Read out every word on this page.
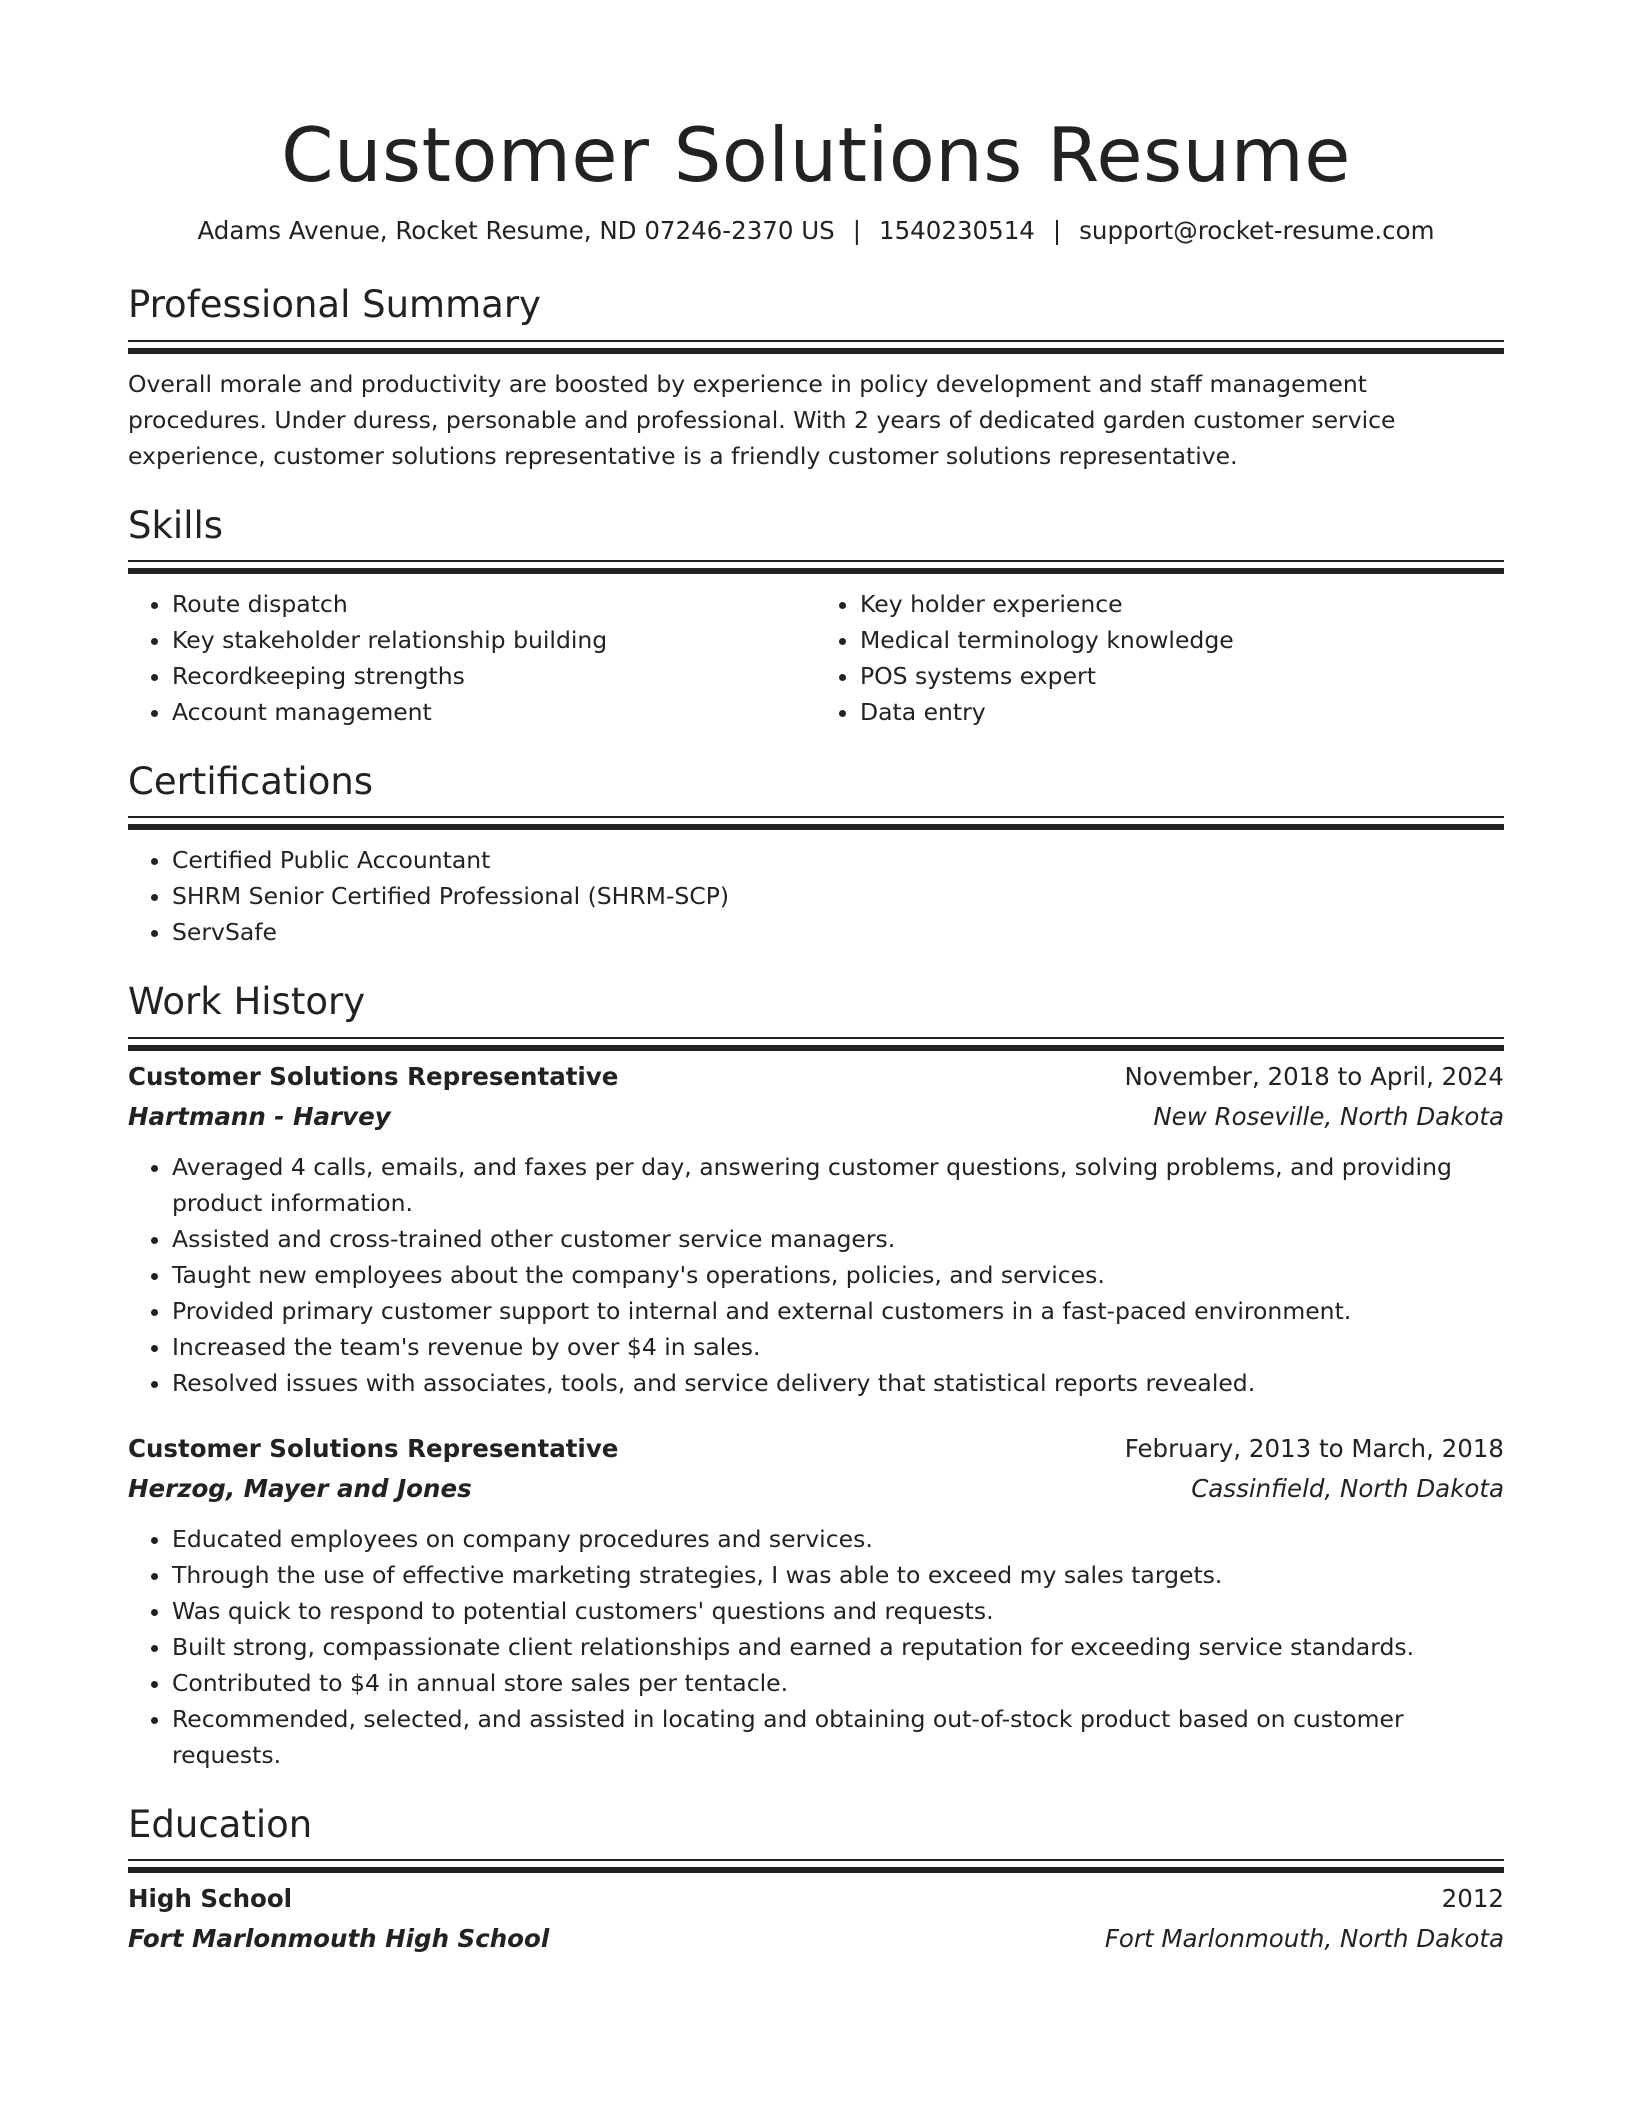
Customer Solutions Resume
Adams Avenue, Rocket Resume, ND 07246-2370 US | 1540230514 | support@rocket-resume.com
Professional Summary

Overall morale and productivity are boosted by experience in policy development and staff management procedures. Under duress, personable and professional. With 2 years of dedicated garden customer service experience, customer solutions representative is a friendly customer solutions representative.

Skills
• Route dispatch
• Key stakeholder relationship building
• Recordkeeping strengths
• Account management
• Key holder experience
• Medical terminology knowledge
• POS systems expert
• Data entry
Certifications
• Certified Public Accountant
• SHRM Senior Certified Professional (SHRM-SCP)
• ServSafe
Work History
Customer Solutions Representative	November, 2018 to April, 2024
Hartmann - Harvey	New Roseville, North Dakota
• Averaged 4 calls, emails, and faxes per day, answering customer questions, solving problems, and providing product information.
• Assisted and cross-trained other customer service managers.
• Taught new employees about the company's operations, policies, and services.
• Provided primary customer support to internal and external customers in a fast-paced environment.
• Increased the team's revenue by over $4 in sales.
• Resolved issues with associates, tools, and service delivery that statistical reports revealed.
Customer Solutions Representative	February, 2013 to March, 2018
Herzog, Mayer and Jones	Cassinfield, North Dakota
• Educated employees on company procedures and services.
• Through the use of effective marketing strategies, I was able to exceed my sales targets.
• Was quick to respond to potential customers' questions and requests.
• Built strong, compassionate client relationships and earned a reputation for exceeding service standards.
• Contributed to $4 in annual store sales per tentacle.
• Recommended, selected, and assisted in locating and obtaining out-of-stock product based on customer requests.
Education
High School	2012
Fort Marlonmouth High School	Fort Marlonmouth, North Dakota
